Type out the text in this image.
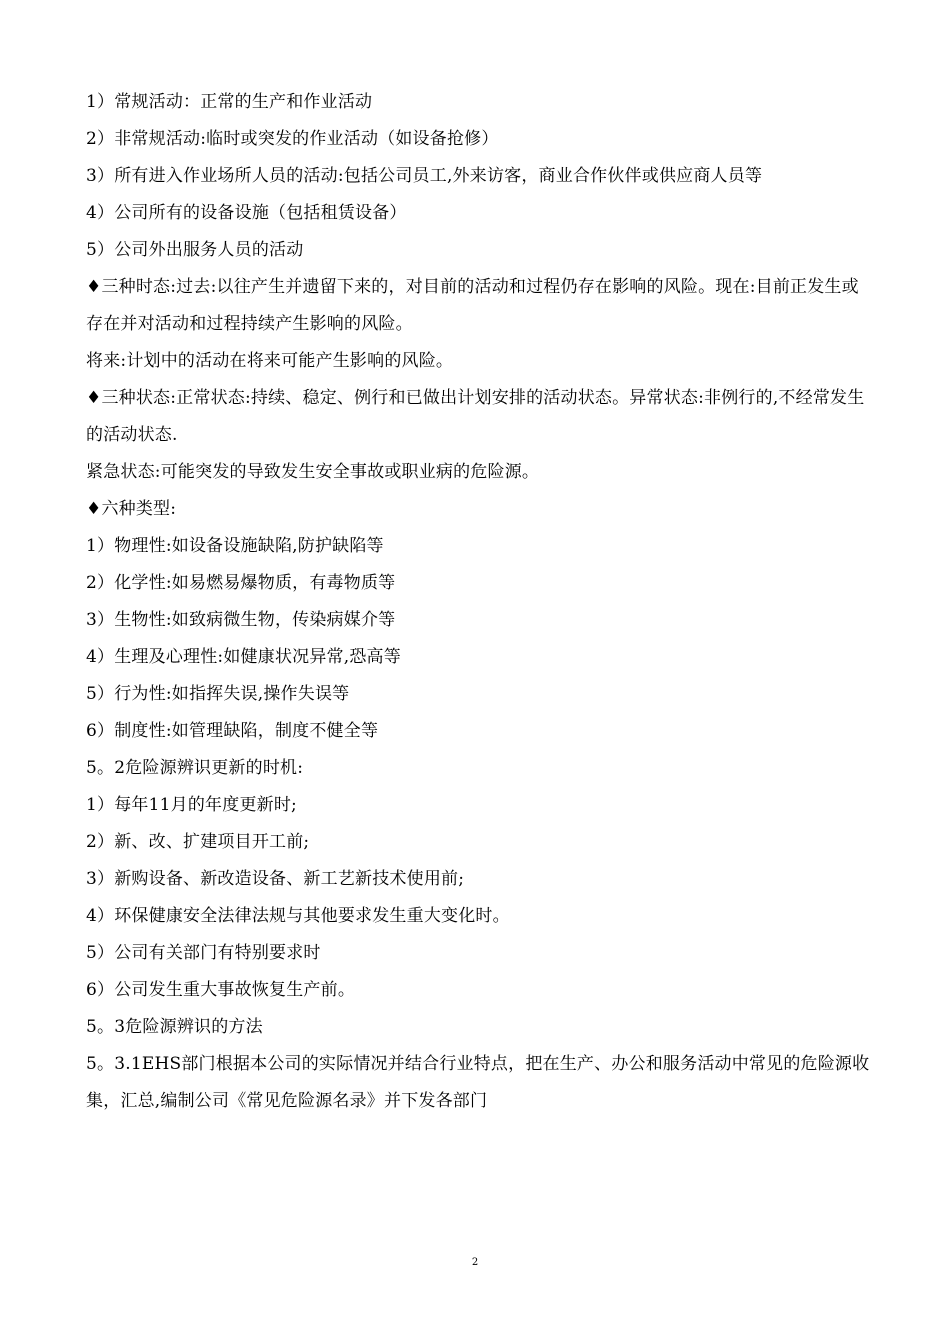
1）常规活动：正常的生产和作业活动

2）非常规活动:临时或突发的作业活动（如设备抢修）

3）所有进入作业场所人员的活动:包括公司员工,外来访客，商业合作伙伴或供应商人员等

4）公司所有的设备设施（包括租赁设备）

5）公司外出服务人员的活动

♦三种时态:过去:以往产生并遗留下来的，对目前的活动和过程仍存在影响的风险。现在:目前正发生或存在并对活动和过程持续产生影响的风险。

将来:计划中的活动在将来可能产生影响的风险。

♦三种状态:正常状态:持续、稳定、例行和已做出计划安排的活动状态。异常状态:非例行的,不经常发生的活动状态.

紧急状态:可能突发的导致发生安全事故或职业病的危险源。

♦六种类型:

1）物理性:如设备设施缺陷,防护缺陷等

2）化学性:如易燃易爆物质，有毒物质等

3）生物性:如致病微生物，传染病媒介等

4）生理及心理性:如健康状况异常,恐高等

5）行为性:如指挥失误,操作失误等

6）制度性:如管理缺陷，制度不健全等

5。2危险源辨识更新的时机:

1）每年11月的年度更新时;

2）新、改、扩建项目开工前;

3）新购设备、新改造设备、新工艺新技术使用前;

4）环保健康安全法律法规与其他要求发生重大变化时。

5）公司有关部门有特别要求时

6）公司发生重大事故恢复生产前。

5。3危险源辨识的方法

5。3.1EHS部门根据本公司的实际情况并结合行业特点，把在生产、办公和服务活动中常见的危险源收集，汇总,编制公司《常见危险源名录》并下发各部门

2
